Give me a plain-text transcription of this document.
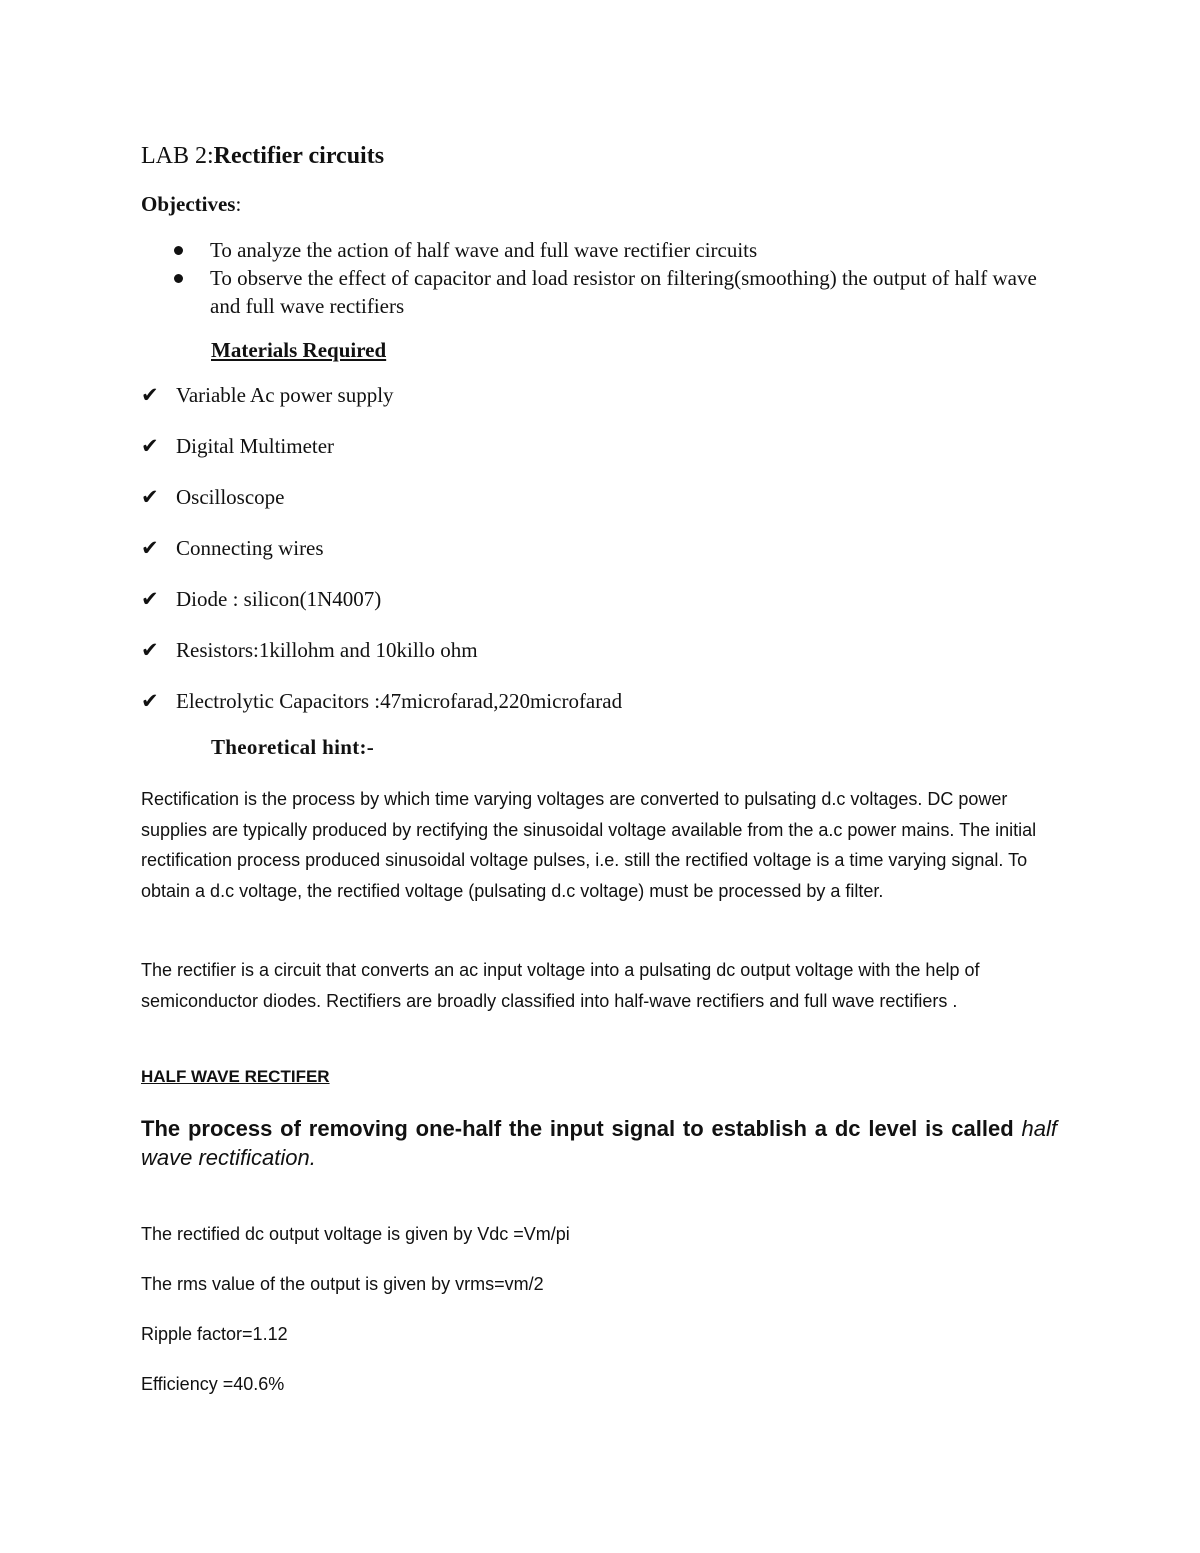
LAB 2:Rectifier circuits
Objectives:
To analyze the action of half wave and full wave rectifier circuits
To observe the effect of capacitor and load resistor on filtering(smoothing) the output of half wave and full wave rectifiers
Materials Required
✔ Variable Ac power supply
✔ Digital Multimeter
✔ Oscilloscope
✔ Connecting wires
✔ Diode : silicon(1N4007)
✔ Resistors:1killohm and 10killo ohm
✔ Electrolytic Capacitors :47microfarad,220microfarad
Theoretical hint:-

Rectification is the process by which time varying voltages are converted to pulsating d.c voltages. DC power supplies are typically produced by rectifying the sinusoidal voltage available from the a.c power mains. The initial rectification process produced sinusoidal voltage pulses, i.e. still the rectified voltage is a time varying signal. To obtain a d.c voltage, the rectified voltage (pulsating d.c voltage) must be processed by a filter.

The rectifier is a circuit that converts an ac input voltage into a pulsating dc output voltage with the help of semiconductor diodes. Rectifiers are broadly classified into half-wave rectifiers and full wave rectifiers .

HALF WAVE RECTIFER

The process of removing one-half the input signal to establish a dc level is called half wave rectification.

The rectified dc output voltage is given by Vdc =Vm/pi

The rms value of the output is given by vrms=vm/2

Ripple factor=1.12

Efficiency =40.6%
